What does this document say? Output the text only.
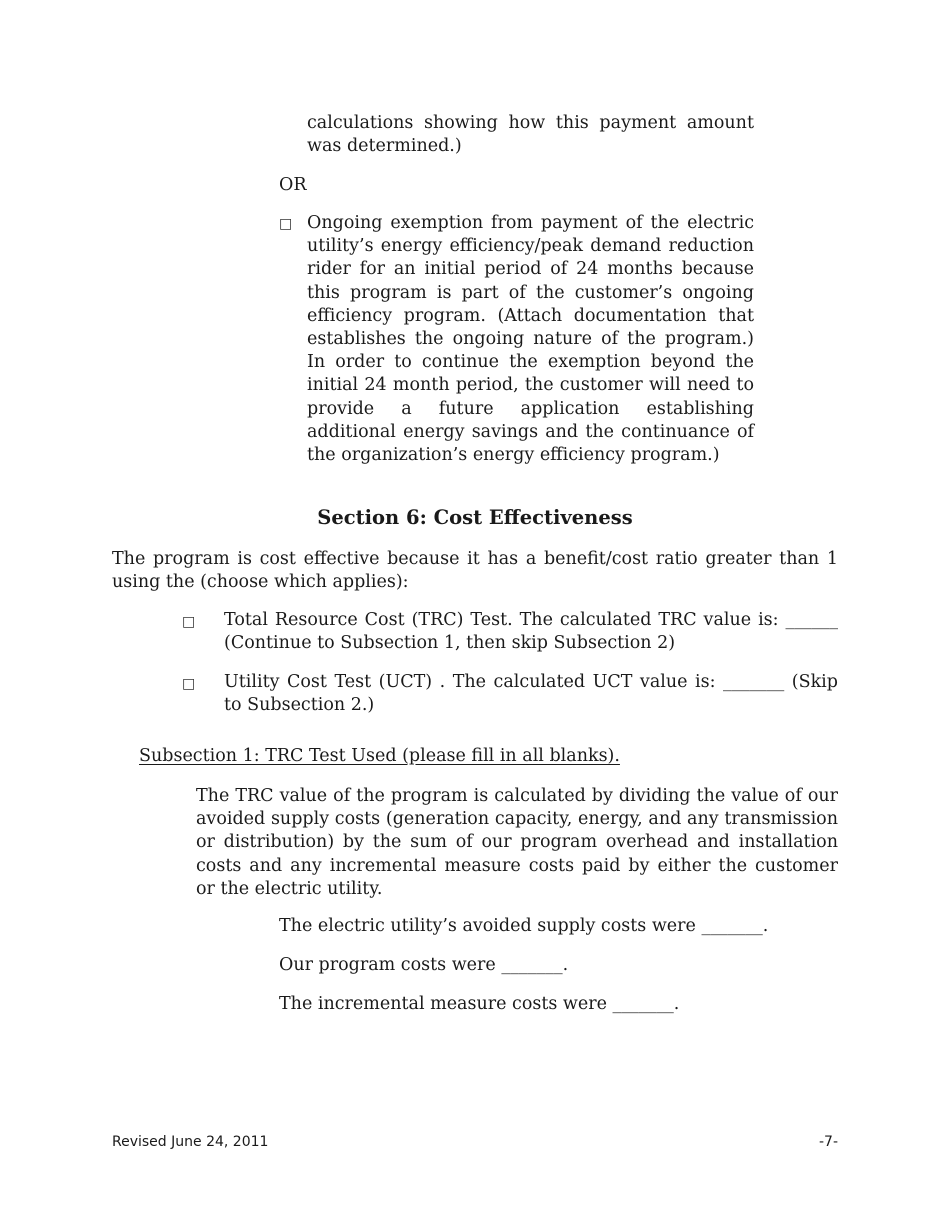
calculations showing how this payment amount was determined.)
OR
□ Ongoing exemption from payment of the electric utility’s energy efficiency/peak demand reduction rider for an initial period of 24 months because this program is part of the customer’s ongoing efficiency program. (Attach documentation that establishes the ongoing nature of the program.) In order to continue the exemption beyond the initial 24 month period, the customer will need to provide a future application establishing additional energy savings and the continuance of the organization’s energy efficiency program.)
Section 6: Cost Effectiveness
The program is cost effective because it has a benefit/cost ratio greater than 1 using the (choose which applies):
□ Total Resource Cost (TRC) Test. The calculated TRC value is: ______ (Continue to Subsection 1, then skip Subsection 2)
□ Utility Cost Test (UCT) . The calculated UCT value is: _______ (Skip to Subsection 2.)
Subsection 1: TRC Test Used (please fill in all blanks).
The TRC value of the program is calculated by dividing the value of our avoided supply costs (generation capacity, energy, and any transmission or distribution) by the sum of our program overhead and installation costs and any incremental measure costs paid by either the customer or the electric utility.
The electric utility’s avoided supply costs were _______.
Our program costs were _______.
The incremental measure costs were _______.
Revised June 24, 2011	-7-
